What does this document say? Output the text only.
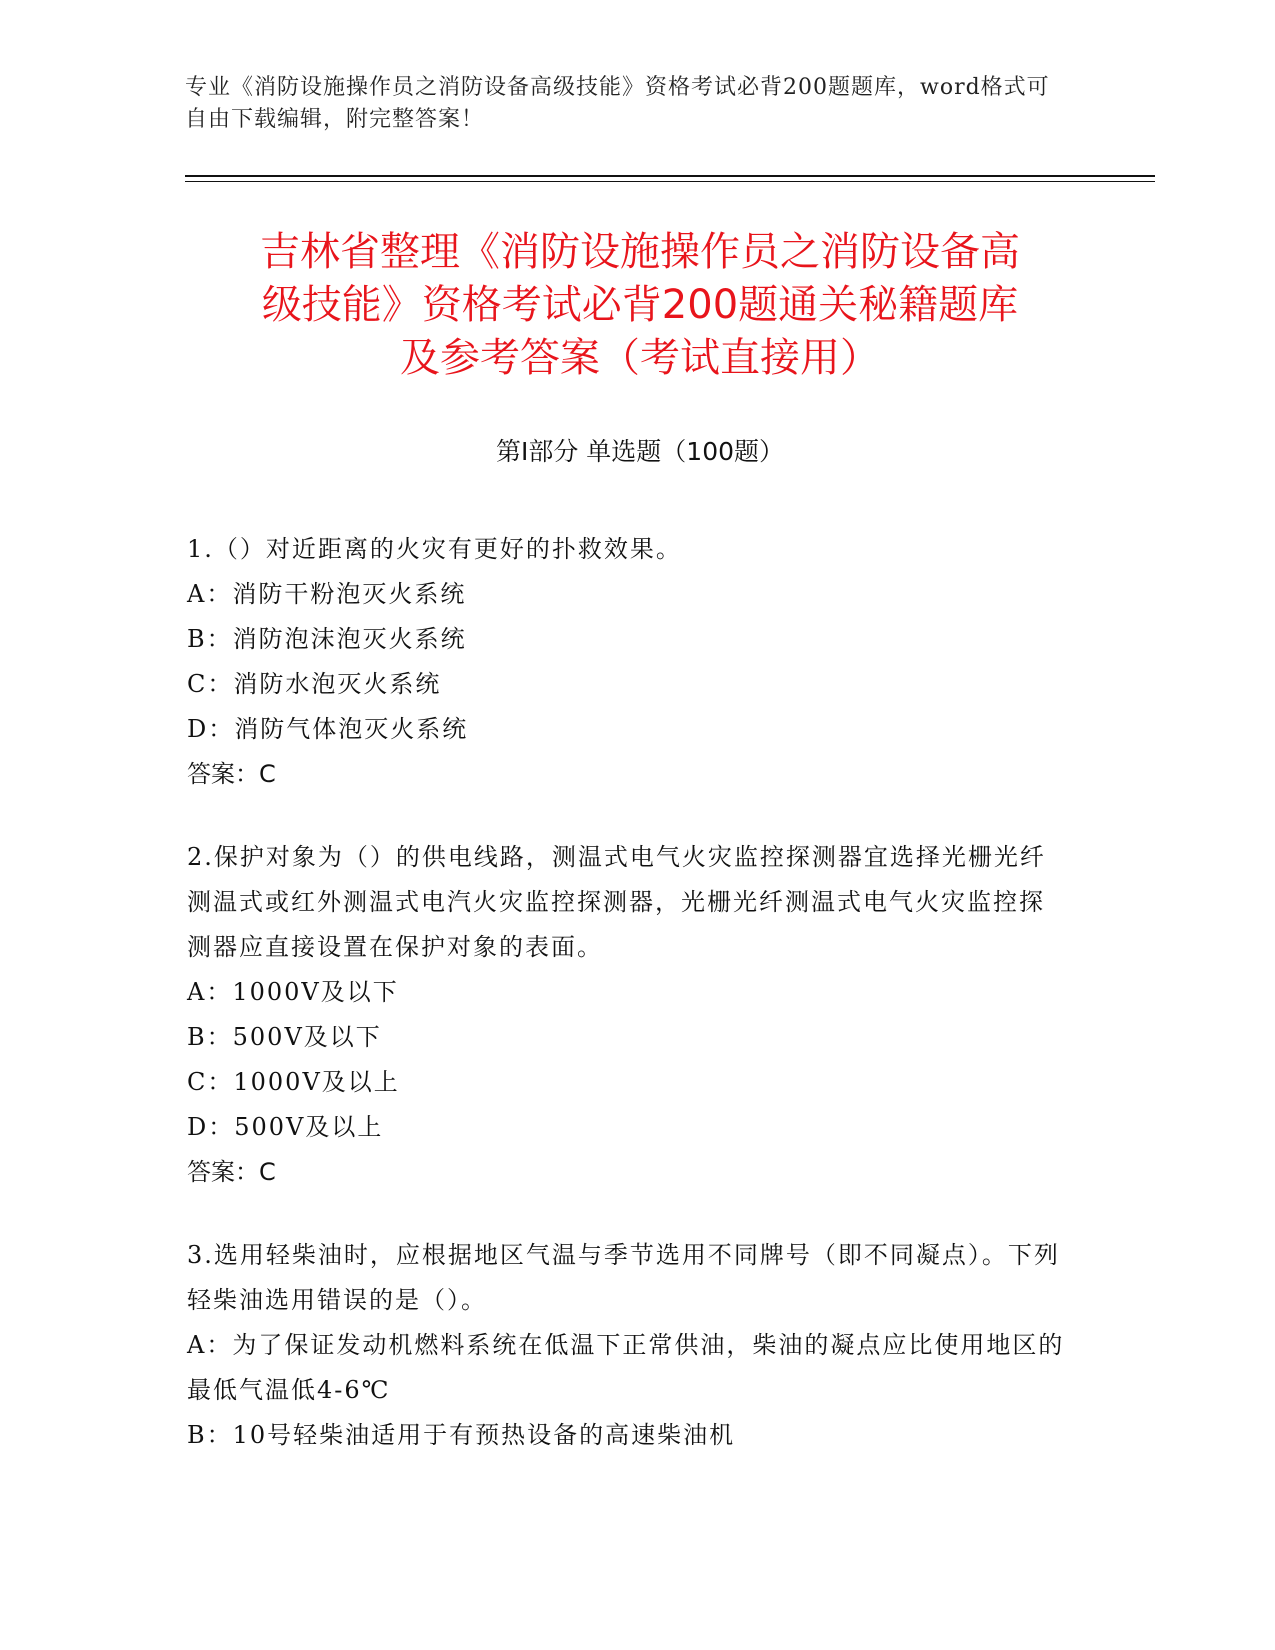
专业《消防设施操作员之消防设备高级技能》资格考试必背200题题库，word格式可自由下载编辑，附完整答案！
吉林省整理《消防设施操作员之消防设备高
级技能》资格考试必背200题通关秘籍题库
及参考答案（考试直接用）
第Ⅰ部分 单选题（100题）
1.（）对近距离的火灾有更好的扑救效果。
A：消防干粉泡灭火系统
B：消防泡沫泡灭火系统
C：消防水泡灭火系统
D：消防气体泡灭火系统
答案：C
2.保护对象为（）的供电线路，测温式电气火灾监控探测器宜选择光栅光纤测温式或红外测温式电汽火灾监控探测器，光栅光纤测温式电气火灾监控探测器应直接设置在保护对象的表面。
A：1000V及以下
B：500V及以下
C：1000V及以上
D：500V及以上
答案：C
3.选用轻柴油时，应根据地区气温与季节选用不同牌号（即不同凝点）。下列轻柴油选用错误的是（）。
A：为了保证发动机燃料系统在低温下正常供油，柴油的凝点应比使用地区的最低气温低4-6℃
B：10号轻柴油适用于有预热设备的高速柴油机
